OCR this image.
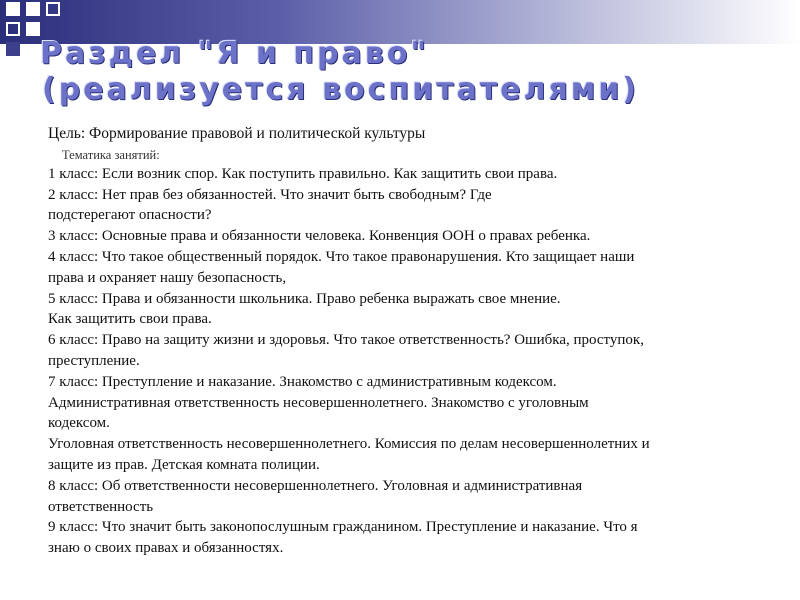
Раздел "Я и право"
(реализуется воспитателями)
Цель: Формирование правовой и политической культуры
Тематика занятий:

1 класс: Если возник спор. Как поступить правильно. Как защитить свои права.

2 класс: Нет прав без обязанностей. Что значит быть свободным? Где

подстерегают опасности?

3 класс: Основные права и обязанности человека. Конвенция ООН о правах ребенка.

4 класс: Что такое общественный порядок. Что такое правонарушения. Кто защищает наши

права и охраняет нашу безопасность,

5 класс: Права и обязанности школьника. Право ребенка выражать свое мнение.

Как защитить свои права.

6 класс: Право на защиту жизни и здоровья. Что такое ответственность? Ошибка, проступок,

преступление.

7 класс: Преступление и наказание. Знакомство с административным кодексом.

Административная ответственность несовершеннолетнего. Знакомство с уголовным

кодексом.

Уголовная ответственность несовершеннолетнего. Комиссия по делам несовершеннолетних и

защите из прав. Детская комната полиции.

8 класс: Об ответственности несовершеннолетнего. Уголовная и административная

ответственность

9 класс: Что значит быть законопослушным гражданином. Преступление и наказание. Что я

знаю о своих правах и обязанностях.
